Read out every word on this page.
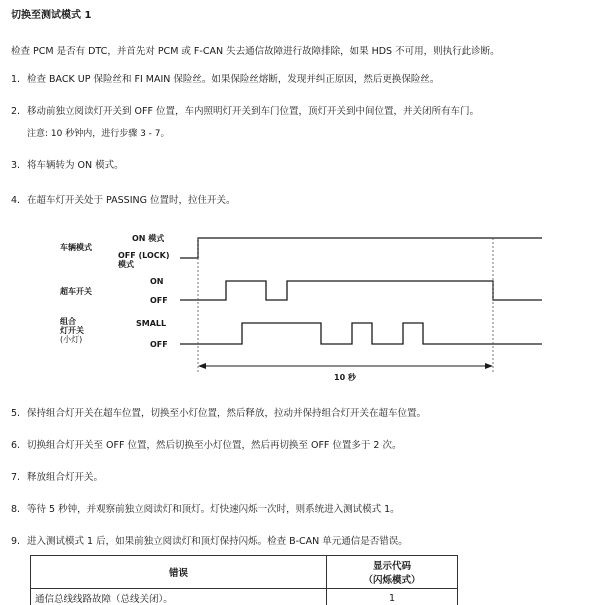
切换至测试模式 1
检查 PCM 是否有 DTC，并首先对 PCM 或 F-CAN 失去通信故障进行故障排除，如果 HDS 不可用，则执行此诊断。
1. 检查 BACK UP 保险丝和 FI MAIN 保险丝。如果保险丝熔断，发现并纠正原因，然后更换保险丝。
2. 移动前独立阅读灯开关到 OFF 位置，车内照明灯开关到车门位置，顶灯开关到中间位置，并关闭所有车门。
注意: 10 秒钟内，进行步骤 3 - 7。
3. 将车辆转为 ON 模式。
4. 在超车灯开关处于 PASSING 位置时，拉住开关。
车辆模式
ON 模式
OFF (LOCK)
模式
超车开关
ON
OFF
组合
灯开关
(小灯)
SMALL
OFF
10 秒
5. 保持组合灯开关在超车位置，切换至小灯位置，然后释放，拉动并保持组合灯开关在超车位置。
6. 切换组合灯开关至 OFF 位置，然后切换至小灯位置，然后再切换至 OFF 位置多于 2 次。
7. 释放组合灯开关。
8. 等待 5 秒钟，并观察前独立阅读灯和顶灯。灯快速闪烁一次时，则系统进入测试模式 1。
9. 进入测试模式 1 后，如果前独立阅读灯和顶灯保持闪烁。检查 B-CAN 单元通信是否错误。
错误	显示代码
（闪烁模式）

通信总线线路故障（总线关闭）。	1
